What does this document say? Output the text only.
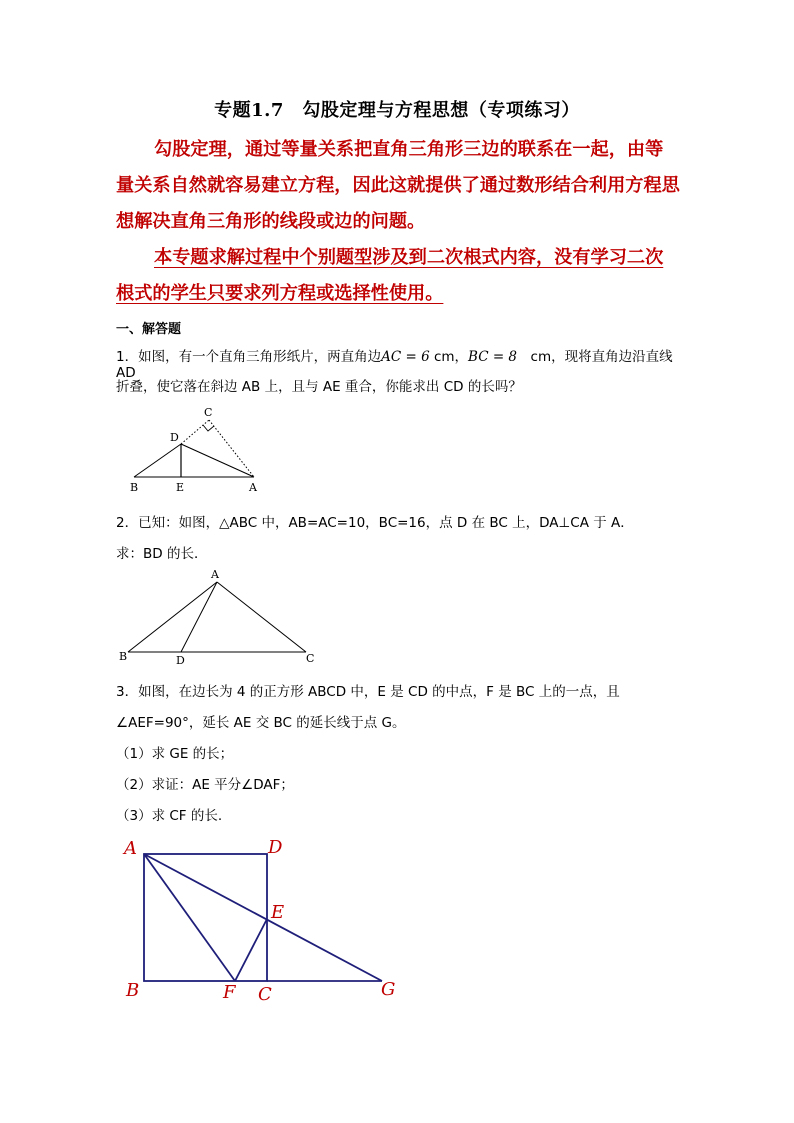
专题1.7　勾股定理与方程思想（专项练习）

勾股定理，通过等量关系把直角三角形三边的联系在一起，由等量关系自然就容易建立方程，因此这就提供了通过数形结合利用方程思想解决直角三角形的线段或边的问题。

本专题求解过程中个别题型涉及到二次根式内容，没有学习二次根式的学生只要求列方程或选择性使用。

一、解答题

1．如图，有一个直角三角形纸片，两直角边AC = 6 cm，BC = 8　cm，现将直角边沿直线 AD

折叠，使它落在斜边 AB 上，且与 AE 重合，你能求出 CD 的长吗？

C
D
B	E	A

2．已知：如图，△ABC 中，AB=AC=10，BC=16，点 D 在 BC 上，DA⊥CA 于 A．

求：BD 的长．

A
B	D	C

3．如图，在边长为 4 的正方形 ABCD 中，E 是 CD 的中点，F 是 BC 上的一点，且

∠AEF=90°，延长 AE 交 BC 的延长线于点 G。

（1）求 GE 的长；

（2）求证：AE 平分∠DAF；

（3）求 CF 的长.

A	D
E
B	F C	G
